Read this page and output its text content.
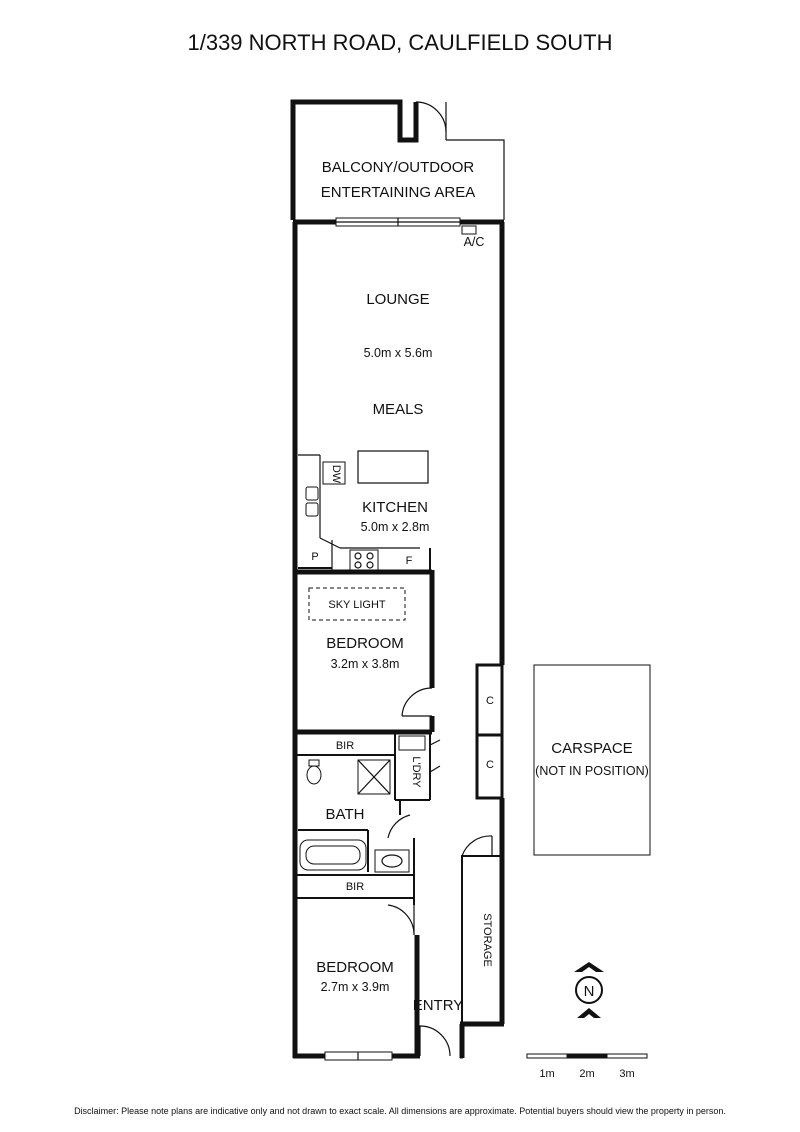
1/339 NORTH ROAD, CAULFIELD SOUTH
BALCONY/OUTDOOR
ENTERTAINING AREA
A/C
LOUNGE
5.0m x 5.6m
MEALS
DW
KITCHEN
5.0m x 2.8m
P	F
SKY LIGHT
BEDROOM
3.2m x 3.8m
C
C
BIR
L'DRY
BATH
BIR
BEDROOM
2.7m x 3.9m
STORAGE
ENTRY
CARSPACE
(NOT IN POSITION)
N
1m 2m 3m
Disclaimer: Please note plans are indicative only and not drawn to exact scale. All dimensions are approximate. Potential buyers should view the property in person.
